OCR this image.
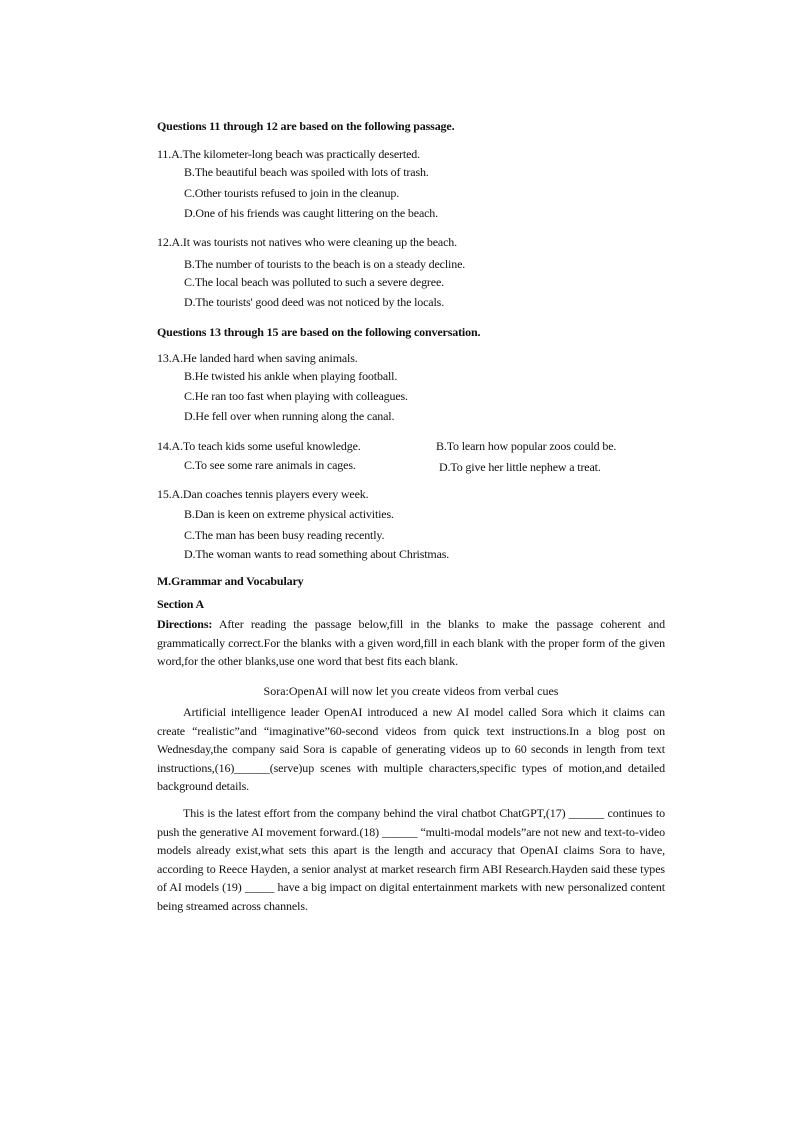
Questions 11 through 12 are based on the following passage.
11.A.The kilometer-long beach was practically deserted.
B.The beautiful beach was spoiled with lots of trash.
C.Other tourists refused to join in the cleanup.
D.One of his friends was caught littering on the beach.
12.A.It was tourists not natives who were cleaning up the beach.
B.The number of tourists to the beach is on a steady decline.
C.The local beach was polluted to such a severe degree.
D.The tourists' good deed was not noticed by the locals.
Questions 13 through 15 are based on the following conversation.
13.A.He landed hard when saving animals.
B.He twisted his ankle when playing football.
C.He ran too fast when playing with colleagues.
D.He fell over when running along the canal.
14.A.To teach kids some useful knowledge.	B.To learn how popular zoos could be.
C.To see some rare animals in cages.	D.To give her little nephew a treat.
15.A.Dan coaches tennis players every week.
B.Dan is keen on extreme physical activities.
C.The man has been busy reading recently.
D.The woman wants to read something about Christmas.
M.Grammar and Vocabulary
Section A
Directions: After reading the passage below,fill in the blanks to make the passage coherent and grammatically correct.For the blanks with a given word,fill in each blank with the proper form of the given word,for the other blanks,use one word that best fits each blank.
Sora:OpenAI will now let you create videos from verbal cues
Artificial intelligence leader OpenAI introduced a new AI model called Sora which it claims can create “realistic”and “imaginative”60-second videos from quick text instructions.In a blog post on Wednesday,the company said Sora is capable of generating videos up to 60 seconds in length from text instructions,(16)______(serve)up scenes with multiple characters,specific types of motion,and detailed background details.
This is the latest effort from the company behind the viral chatbot ChatGPT,(17) ______ continues to push the generative AI movement forward.(18) ______ “multi-modal models”are not new and text-to-video models already exist,what sets this apart is the length and accuracy that OpenAI claims Sora to have, according to Reece Hayden, a senior analyst at market research firm ABI Research.Hayden said these types of AI models (19) _____ have a big impact on digital entertainment markets with new personalized content being streamed across channels.
